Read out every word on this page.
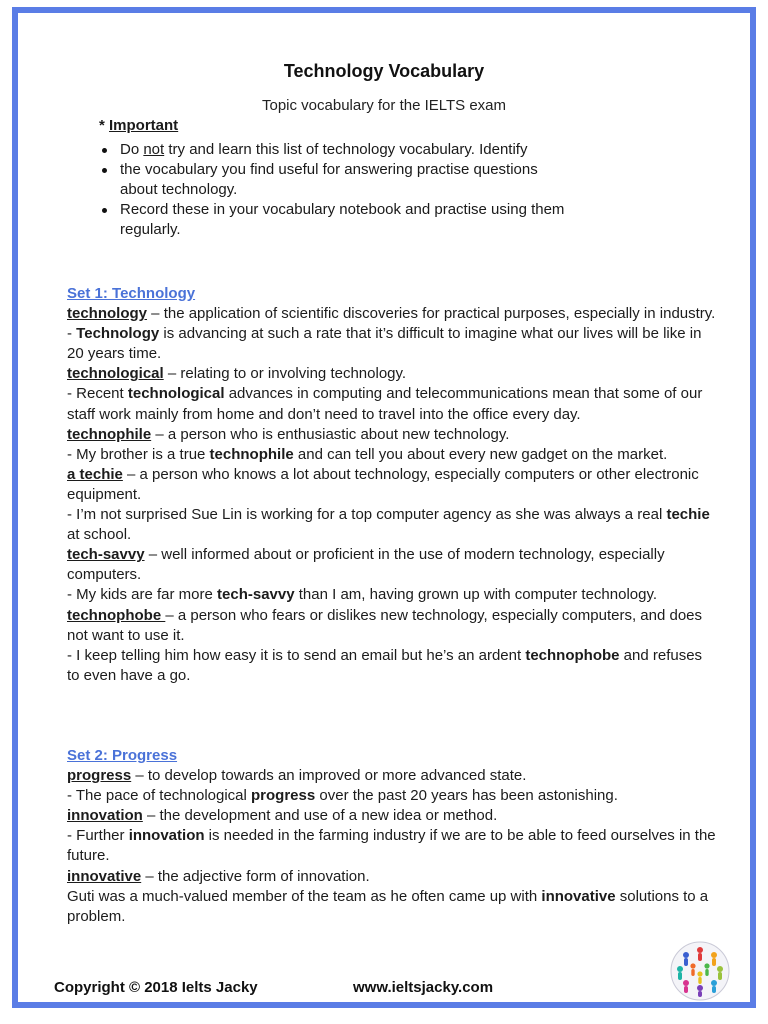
Technology Vocabulary
Topic vocabulary for the IELTS exam
* Important
Do not try and learn this list of technology vocabulary. Identify
the vocabulary you find useful for answering practise questions about technology.
Record these in your vocabulary notebook and practise using them regularly.
Set 1: Technology
technology – the application of scientific discoveries for practical purposes, especially in industry.
- Technology is advancing at such a rate that it’s difficult to imagine what our lives will be like in 20 years time.
technological – relating to or involving technology.
- Recent technological advances in computing and telecommunications mean that some of our staff work mainly from home and don’t need to travel into the office every day.
technophile – a person who is enthusiastic about new technology.
- My brother is a true technophile and can tell you about every new gadget on the market.
a techie – a person who knows a lot about technology, especially computers or other electronic equipment.
- I’m not surprised Sue Lin is working for a top computer agency as she was always a real techie at school.
tech-savvy – well informed about or proficient in the use of modern technology, especially computers.
- My kids are far more tech-savvy than I am, having grown up with computer technology.
technophobe – a person who fears or dislikes new technology, especially computers, and does not want to use it.
- I keep telling him how easy it is to send an email but he’s an ardent technophobe and refuses to even have a go.
Set 2: Progress
progress – to develop towards an improved or more advanced state.
- The pace of technological progress over the past 20 years has been astonishing.
innovation – the development and use of a new idea or method.
- Further innovation is needed in the farming industry if we are to be able to feed ourselves in the future.
innovative – the adjective form of innovation.
Guti was a much-valued member of the team as he often came up with innovative solutions to a problem.
Copyright © 2018 Ielts Jacky	www.ieltsjacky.com
